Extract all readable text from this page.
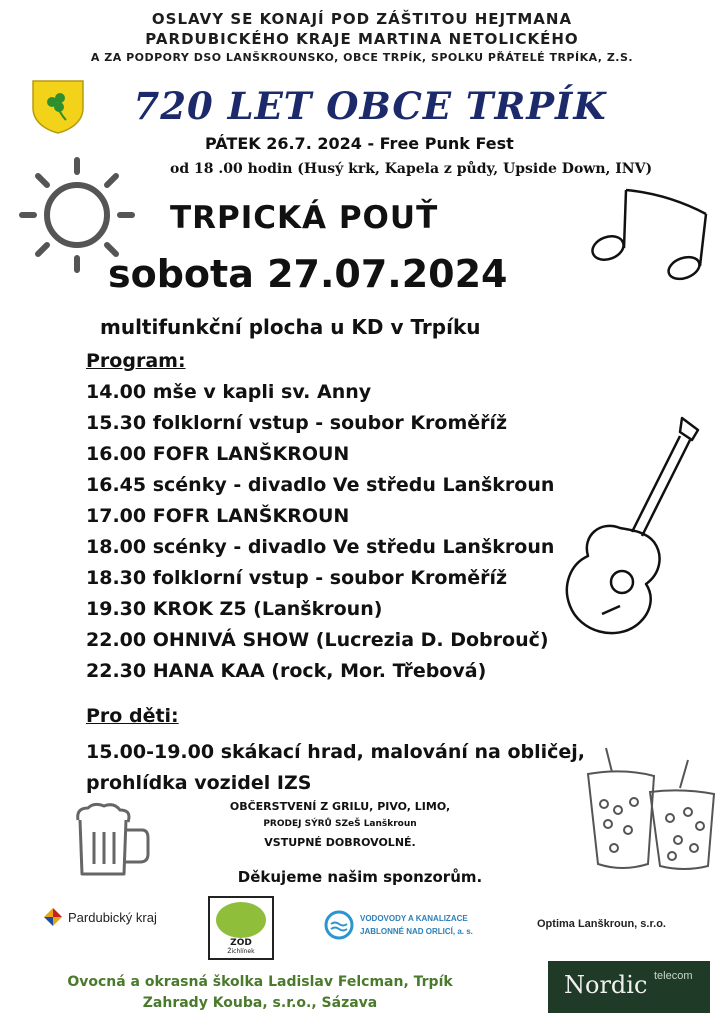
OSLAVY SE KONAJÍ POD ZÁŠTITOU HEJTMANA
PARDUBICKÉHO KRAJE MARTINA NETOLICKÉHO
A ZA PODPORY DSO LANŠKROUNSKO, OBCE TRPÍK, SPOLKU PŘÁTELÉ TRPÍKA, Z.S.
720 LET OBCE TRPÍK
PÁTEK 26.7. 2024 - Free Punk Fest
od 18 .00 hodin (Husý krk, Kapela z půdy, Upside Down, INV)
TRPICKÁ POUŤ
sobota 27.07.2024
multifunkční plocha u KD v Trpíku
Program:
14.00 mše v kapli sv. Anny
15.30 folklorní vstup - soubor Kroměříž
16.00 FOFR LANŠKROUN
16.45 scénky - divadlo Ve středu Lanškroun
17.00 FOFR LANŠKROUN
18.00 scénky - divadlo Ve středu Lanškroun
18.30 folklorní vstup - soubor Kroměříž
19.30 KROK Z5 (Lanškroun)
22.00 OHNIVÁ SHOW (Lucrezia D. Dobrouč)
22.30 HANA KAA (rock, Mor. Třebová)
Pro děti:
15.00-19.00 skákací hrad, malování na obličej,
prohlídka vozidel IZS
OBČERSTVENÍ Z GRILU, PIVO, LIMO,
PRODEJ SÝRŮ SZeŠ Lanškroun
VSTUPNÉ DOBROVOLNÉ.
Děkujeme našim sponzorům.
Pardubický kraj
ZOD
Žichlínek
VODOVODY A KANALIZACE
JABLONNÉ NAD ORLICÍ, a. s.
Optima Lanškroun, s.r.o.
Ovocná a okrasná školka Ladislav Felcman, Trpík
Zahrady Kouba, s.r.o., Sázava
Nordic telecom
